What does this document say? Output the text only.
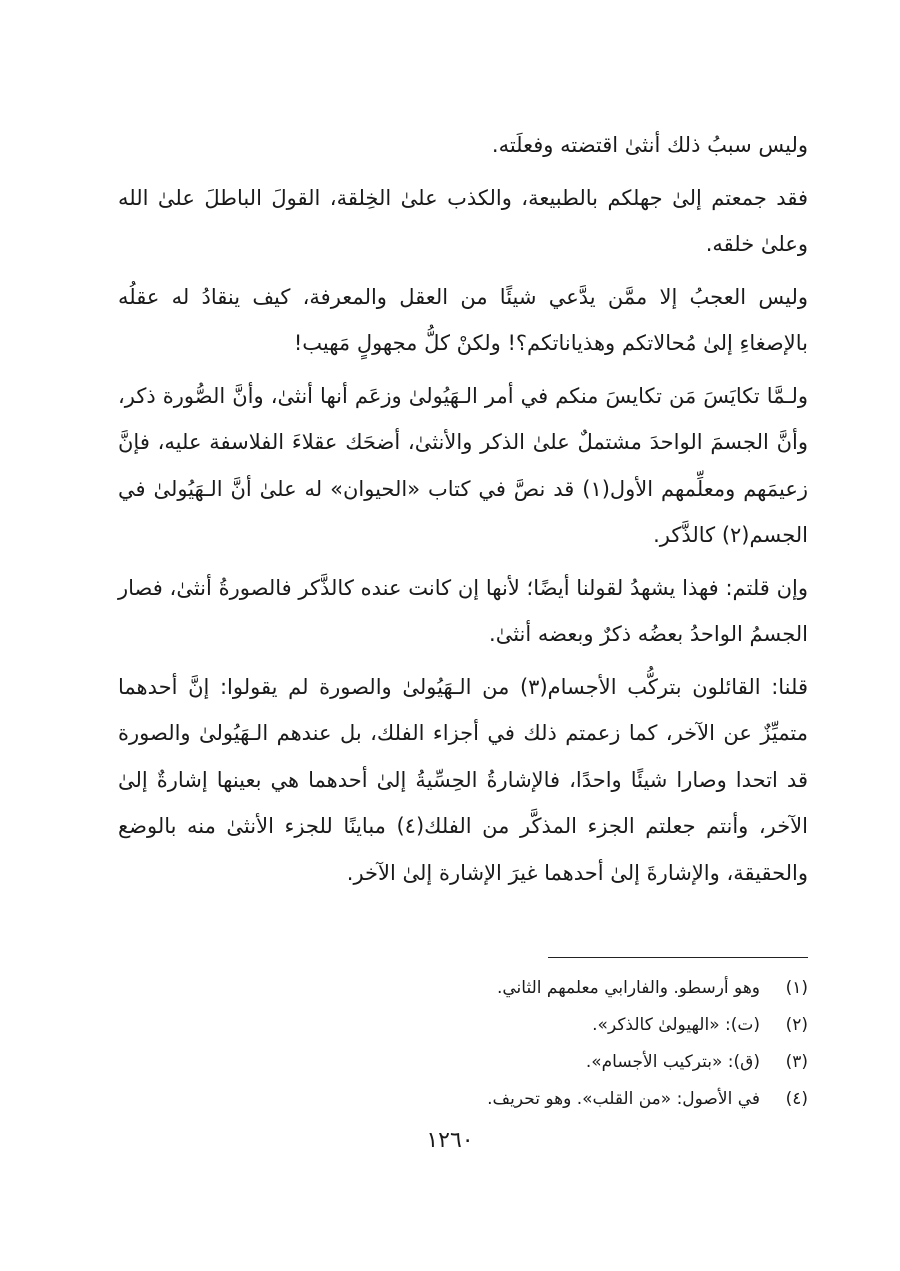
وليس سببُ ذلك أنثىٰ اقتضته وفعلَته.

فقد جمعتم إلىٰ جهلكم بالطبيعة، والكذب علىٰ الخِلقة، القولَ الباطلَ علىٰ الله وعلىٰ خلقه.

وليس العجبُ إلا ممَّن يدَّعي شيئًا من العقل والمعرفة، كيف ينقادُ له عقلُه بالإصغاءِ إلىٰ مُحالاتكم وهذياناتكم؟! ولكنْ كلُّ مجهولٍ مَهيب!

ولـمَّا تكايَسَ مَن تكايسَ منكم في أمر الـهَيُولىٰ وزعَم أنها أنثىٰ، وأنَّ الصُّورة ذكر، وأنَّ الجسمَ الواحدَ مشتملٌ علىٰ الذكر والأنثىٰ، أضحَك عقلاءَ الفلاسفة عليه، فإنَّ زعيمَهم ومعلِّمهم الأول(١) قد نصَّ في كتاب «الحيوان» له علىٰ أنَّ الـهَيُولىٰ في الجسم(٢) كالذَّكر.

وإن قلتم: فهذا يشهدُ لقولنا أيضًا؛ لأنها إن كانت عنده كالذَّكر فالصورةُ أنثىٰ، فصار الجسمُ الواحدُ بعضُه ذكرٌ وبعضه أنثىٰ.

قلنا: القائلون بتركُّب الأجسام(٣) من الـهَيُولىٰ والصورة لم يقولوا: إنَّ أحدهما متميِّزٌ عن الآخر، كما زعمتم ذلك في أجزاء الفلك، بل عندهم الـهَيُولىٰ والصورة قد اتحدا وصارا شيئًا واحدًا، فالإشارةُ الحِسِّيةُ إلىٰ أحدهما هي بعينها إشارةٌ إلىٰ الآخر، وأنتم جعلتم الجزء المذكَّر من الفلك(٤) مباينًا للجزء الأنثىٰ منه بالوضع والحقيقة، والإشارةَ إلىٰ أحدهما غيرَ الإشارة إلىٰ الآخر.

(١)
وهو أرسطو. والفارابي معلمهم الثاني.
(٢)
(ت): «الهيولىٰ كالذكر».
(٣)
(ق): «بتركيب الأجسام».
(٤)
في الأصول: «من القلب». وهو تحريف.
١٢٦٠
